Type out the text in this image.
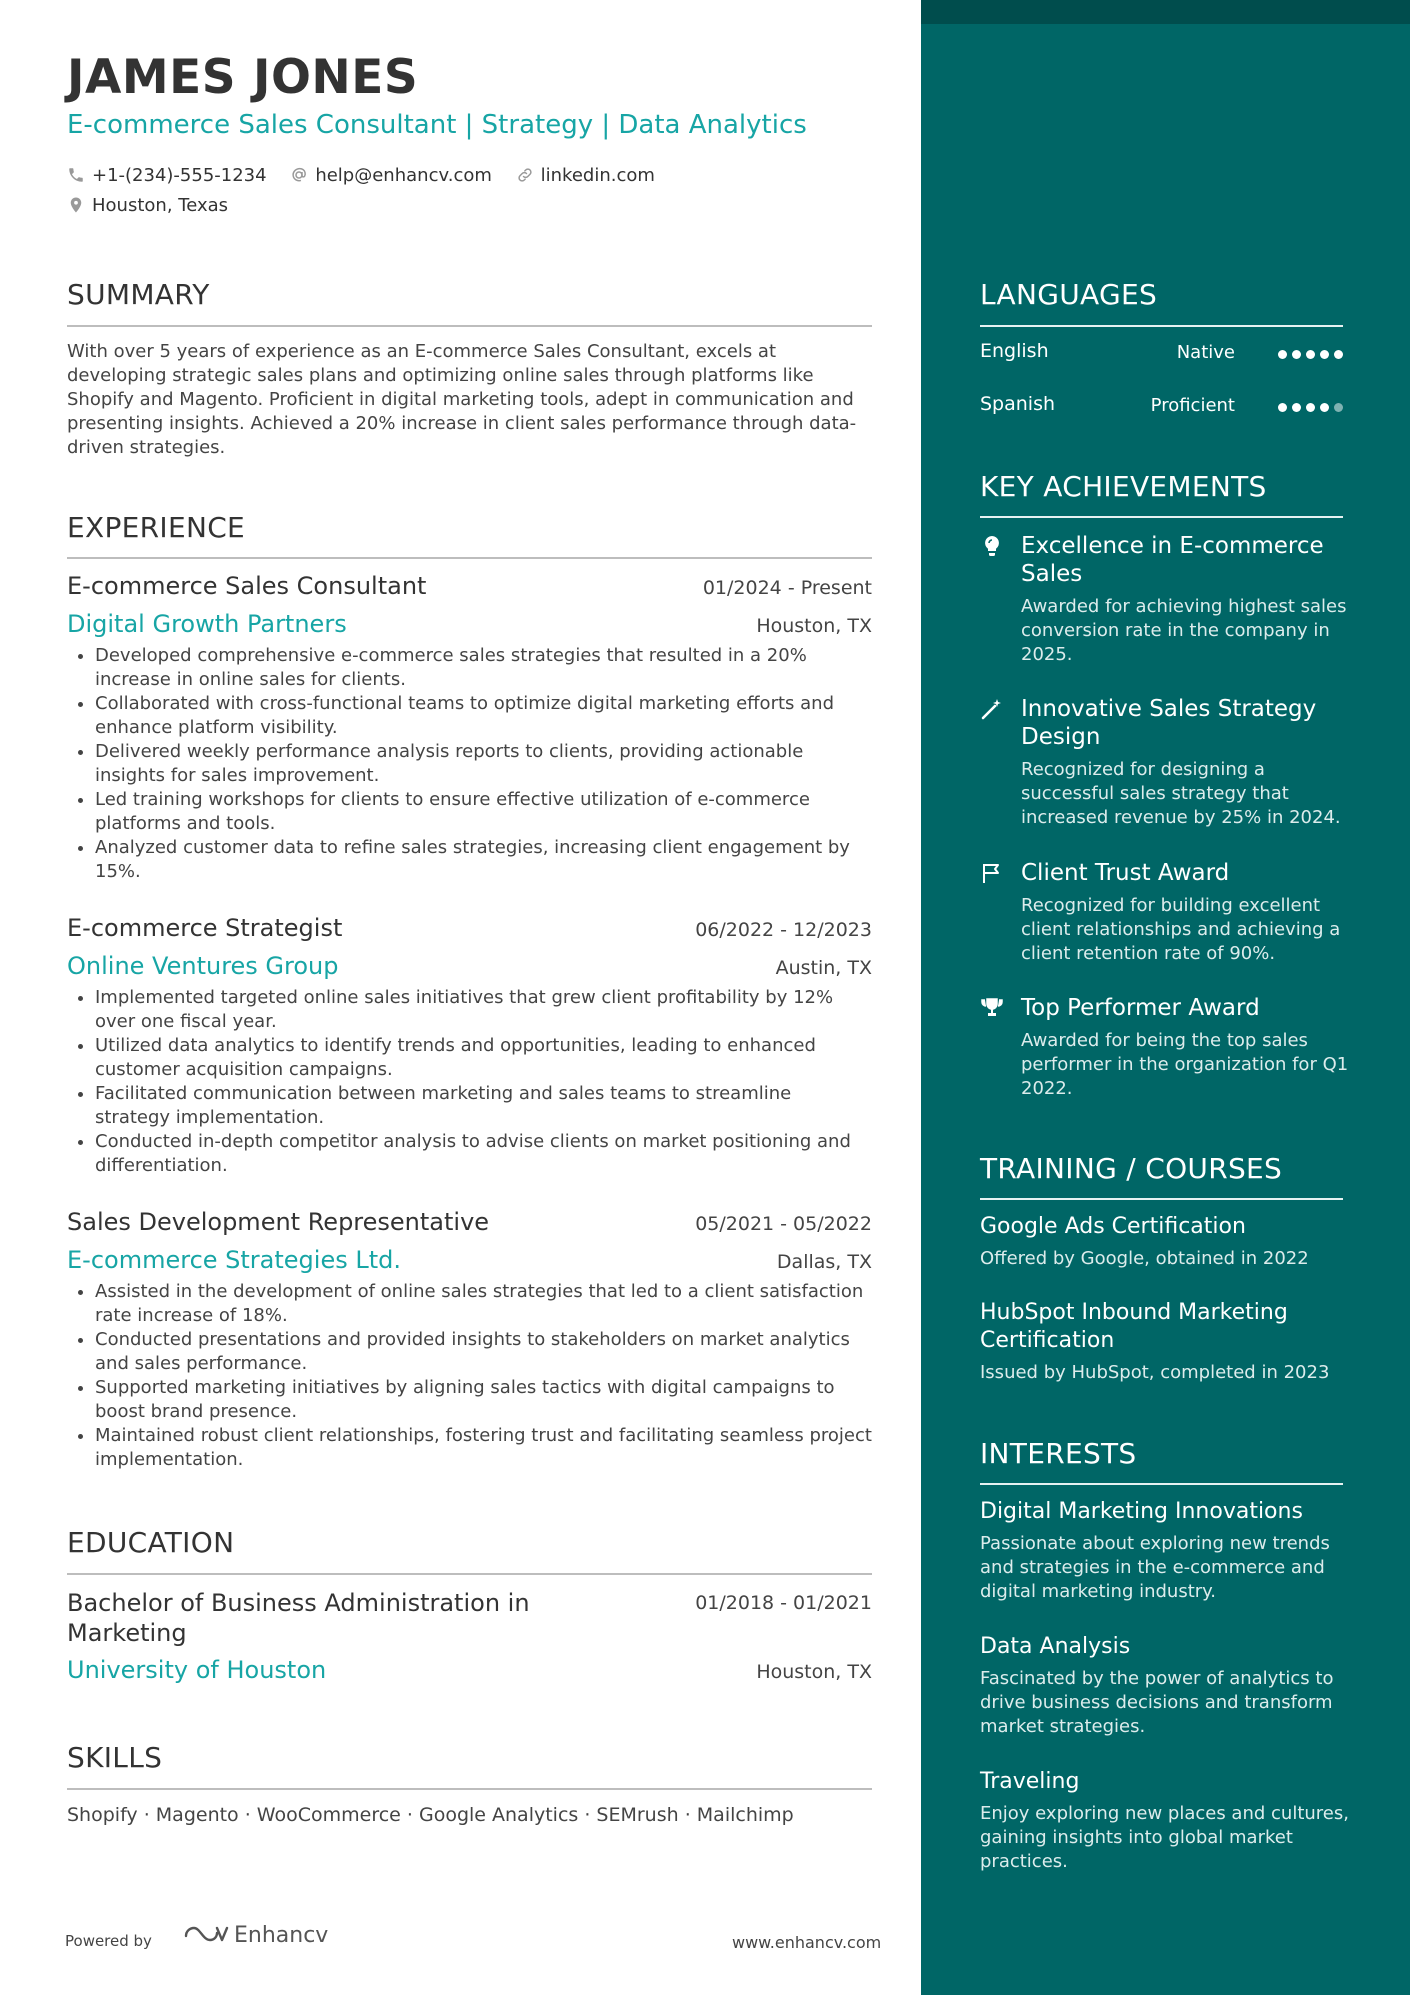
JAMES JONES
E-commerce Sales Consultant | Strategy | Data Analytics
+1-(234)-555-1234
	help@enhancv.com
	linkedin.com

Houston, Texas
SUMMARY
With over 5 years of experience as an E-commerce Sales Consultant, excels at developing strategic sales plans and optimizing online sales through platforms like Shopify and Magento. Proficient in digital marketing tools, adept in communication and presenting insights. Achieved a 20% increase in client sales performance through data-driven strategies.
EXPERIENCE
E-commerce Sales Consultant	01/2024 - Present
Digital Growth Partners	Houston, TX
• Developed comprehensive e-commerce sales strategies that resulted in a 20% increase in online sales for clients.
• Collaborated with cross-functional teams to optimize digital marketing efforts and enhance platform visibility.
• Delivered weekly performance analysis reports to clients, providing actionable insights for sales improvement.
• Led training workshops for clients to ensure effective utilization of e-commerce platforms and tools.
• Analyzed customer data to refine sales strategies, increasing client engagement by 15%.
E-commerce Strategist	06/2022 - 12/2023
Online Ventures Group	Austin, TX
• Implemented targeted online sales initiatives that grew client profitability by 12% over one fiscal year.
• Utilized data analytics to identify trends and opportunities, leading to enhanced customer acquisition campaigns.
• Facilitated communication between marketing and sales teams to streamline strategy implementation.
• Conducted in-depth competitor analysis to advise clients on market positioning and differentiation.
Sales Development Representative	05/2021 - 05/2022
E-commerce Strategies Ltd.	Dallas, TX
• Assisted in the development of online sales strategies that led to a client satisfaction rate increase of 18%.
• Conducted presentations and provided insights to stakeholders on market analytics and sales performance.
• Supported marketing initiatives by aligning sales tactics with digital campaigns to boost brand presence.
• Maintained robust client relationships, fostering trust and facilitating seamless project implementation.
EDUCATION
Bachelor of Business Administration in Marketing
01/2018 - 01/2021
University of Houston	Houston, TX
SKILLS
Shopify · Magento · WooCommerce · Google Analytics · SEMrush · Mailchimp
Powered by	Enhancv	www.enhancv.com
LANGUAGES
English	Native
Spanish	Proficient
KEY ACHIEVEMENTS
Excellence in E-commerce Sales
Awarded for achieving highest sales conversion rate in the company in 2025.
Innovative Sales Strategy Design
Recognized for designing a successful sales strategy that increased revenue by 25% in 2024.
Client Trust Award
Recognized for building excellent client relationships and achieving a client retention rate of 90%.
Top Performer Award
Awarded for being the top sales performer in the organization for Q1 2022.
TRAINING / COURSES
Google Ads Certification
Offered by Google, obtained in 2022
HubSpot Inbound Marketing Certification
Issued by HubSpot, completed in 2023
INTERESTS
Digital Marketing Innovations
Passionate about exploring new trends and strategies in the e-commerce and digital marketing industry.
Data Analysis
Fascinated by the power of analytics to drive business decisions and transform market strategies.
Traveling
Enjoy exploring new places and cultures, gaining insights into global market practices.
